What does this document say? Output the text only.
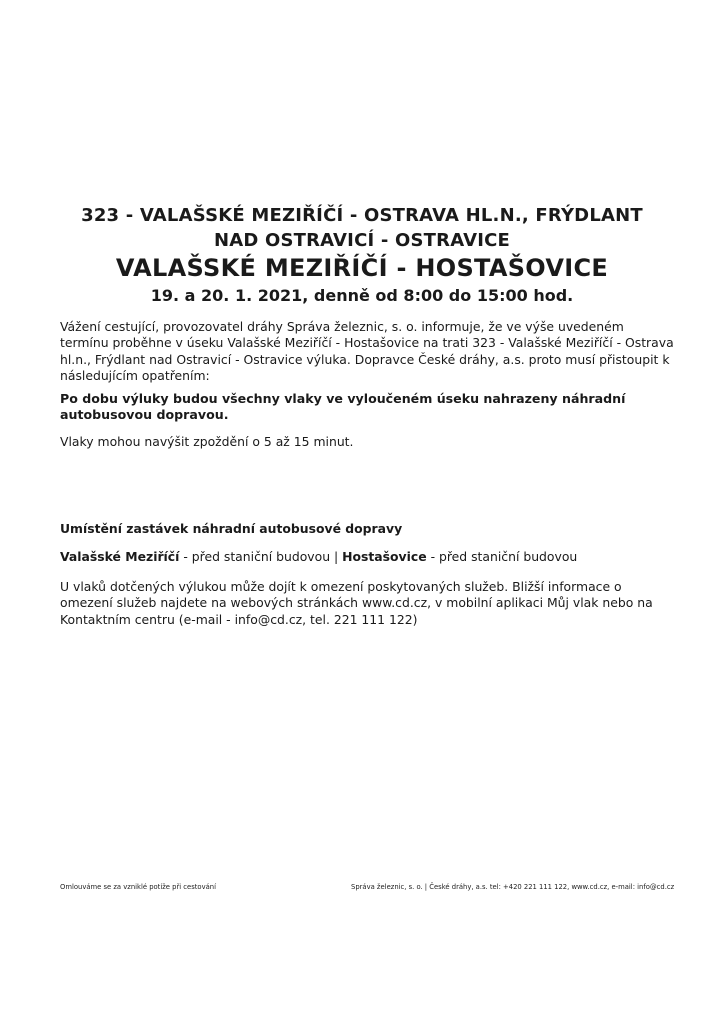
323 - VALAŠSKÉ MEZIŘÍČÍ - OSTRAVA HL.N., FRÝDLANT

NAD OSTRAVICÍ - OSTRAVICE

VALAŠSKÉ MEZIŘÍČÍ - HOSTAŠOVICE

19. a 20. 1. 2021, denně od 8:00 do 15:00 hod.

Vážení cestující, provozovatel dráhy Správa železnic, s. o. informuje, že ve výše uvedeném termínu proběhne v úseku Valašské Meziříčí - Hostašovice na trati 323 - Valašské Meziříčí - Ostrava hl.n., Frýdlant nad Ostravicí - Ostravice výluka. Dopravce České dráhy, a.s. proto musí přistoupit k následujícím opatřením:

Po dobu výluky budou všechny vlaky ve vyloučeném úseku nahrazeny náhradní autobusovou dopravou.

Vlaky mohou navýšit zpoždění o 5 až 15 minut.

Umístění zastávek náhradní autobusové dopravy

Valašské Meziříčí - před staniční budovou | Hostašovice - před staniční budovou

U vlaků dotčených výlukou může dojít k omezení poskytovaných služeb. Bližší informace o omezení služeb najdete na webových stránkách www.cd.cz, v mobilní aplikaci Můj vlak nebo na Kontaktním centru (e-mail - info@cd.cz, tel. 221 111 122)

Omlouváme se za vzniklé potíže při cestování	Správa železnic, s. o. | České dráhy, a.s. tel: +420 221 111 122, www.cd.cz, e-mail: info@cd.cz
